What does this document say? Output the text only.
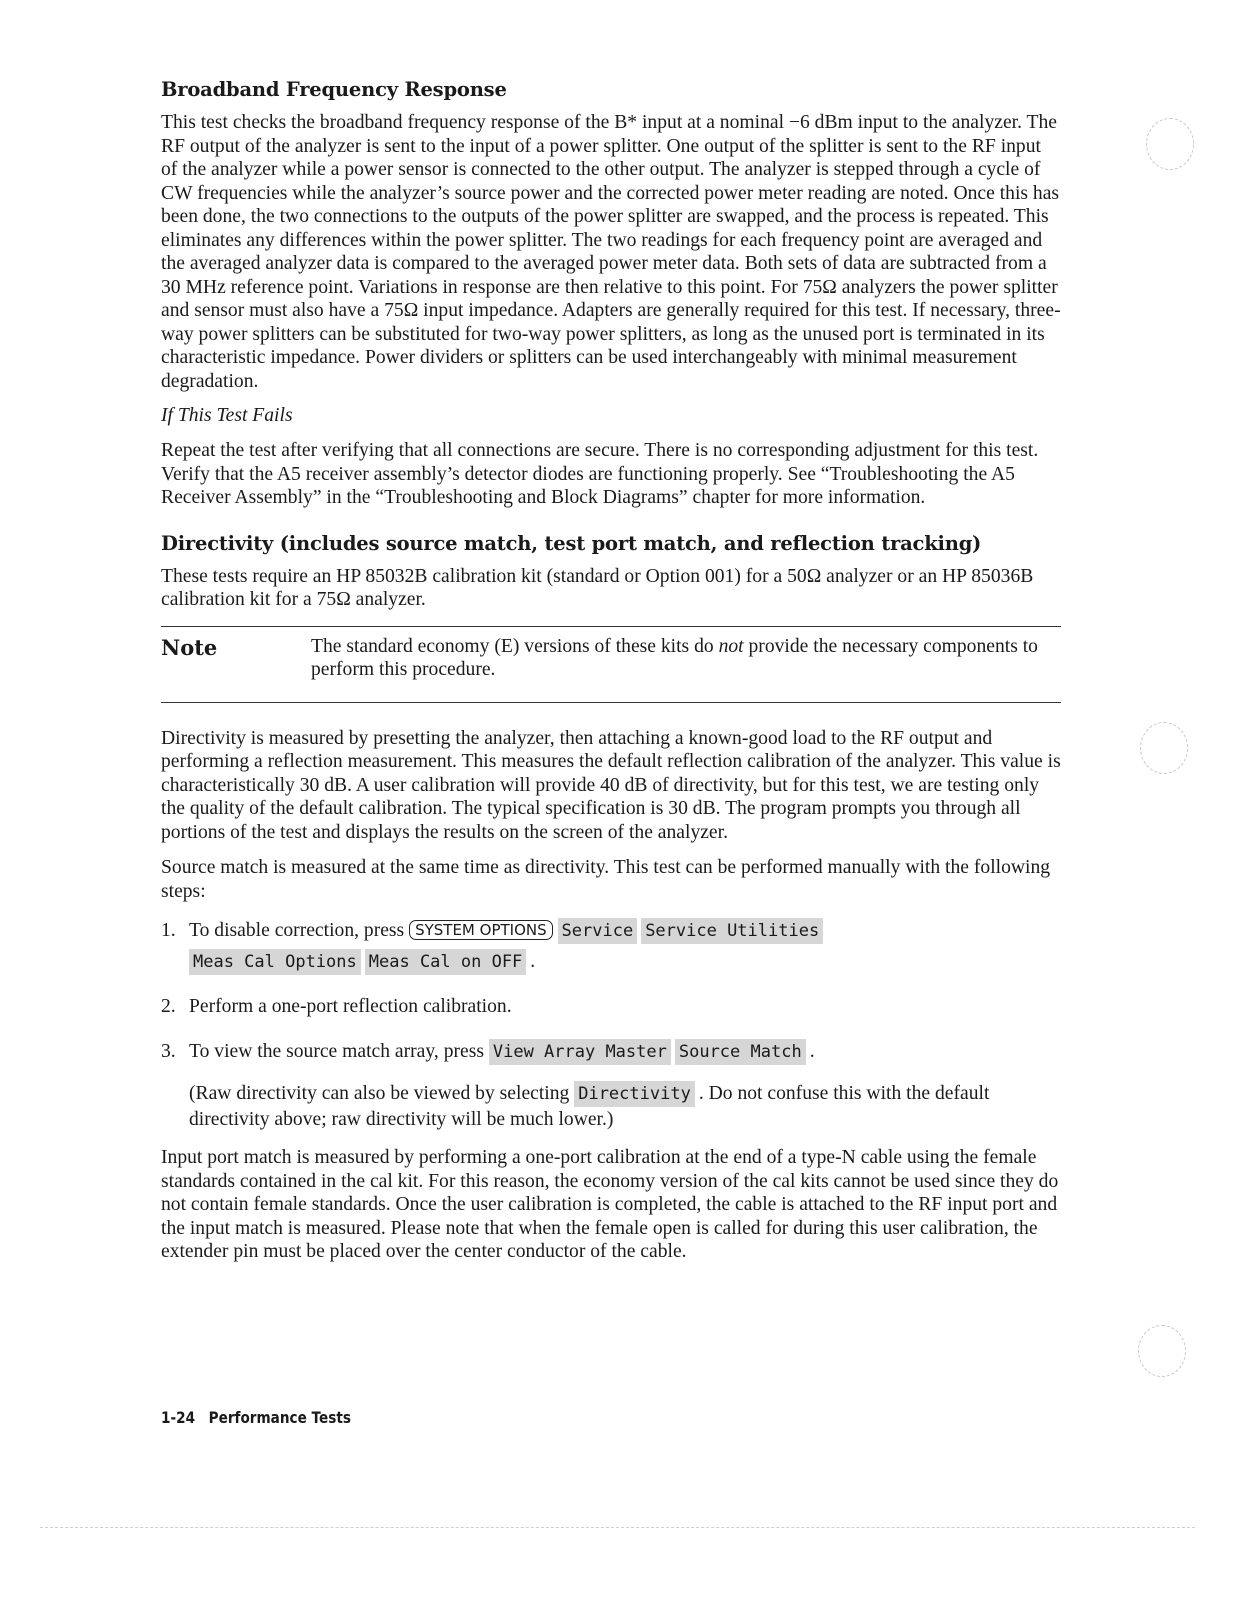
Broadband Frequency Response

This test checks the broadband frequency response of the B* input at a nominal −6 dBm input to the analyzer. The RF output of the analyzer is sent to the input of a power splitter. One output of the splitter is sent to the RF input of the analyzer while a power sensor is connected to the other output. The analyzer is stepped through a cycle of CW frequencies while the analyzer’s source power and the corrected power meter reading are noted. Once this has been done, the two connections to the outputs of the power splitter are swapped, and the process is repeated. This eliminates any differences within the power splitter. The two readings for each frequency point are averaged and the averaged analyzer data is compared to the averaged power meter data. Both sets of data are subtracted from a 30 MHz reference point. Variations in response are then relative to this point. For 75Ω analyzers the power splitter and sensor must also have a 75Ω input impedance. Adapters are generally required for this test. If necessary, three-way power splitters can be substituted for two-way power splitters, as long as the unused port is terminated in its characteristic impedance. Power dividers or splitters can be used interchangeably with minimal measurement degradation.

If This Test Fails

Repeat the test after verifying that all connections are secure. There is no corresponding adjustment for this test. Verify that the A5 receiver assembly’s detector diodes are functioning properly. See “Troubleshooting the A5 Receiver Assembly” in the “Troubleshooting and Block Diagrams” chapter for more information.

Directivity (includes source match, test port match, and reflection tracking)

These tests require an HP 85032B calibration kit (standard or Option 001) for a 50Ω analyzer or an HP 85036B calibration kit for a 75Ω analyzer.

Note	The standard economy (E) versions of these kits do not provide the necessary components to perform this procedure.

Directivity is measured by presetting the analyzer, then attaching a known-good load to the RF output and performing a reflection measurement. This measures the default reflection calibration of the analyzer. This value is characteristically 30 dB. A user calibration will provide 40 dB of directivity, but for this test, we are testing only the quality of the default calibration. The typical specification is 30 dB. The program prompts you through all portions of the test and displays the results on the screen of the analyzer.

Source match is measured at the same time as directivity. This test can be performed manually with the following steps:

1. To disable correction, press SYSTEM OPTIONS Service Service Utilities
Meas Cal Options Meas Cal on OFF .
2. Perform a one-port reflection calibration.
3. To view the source match array, press View Array Master Source Match .

(Raw directivity can also be viewed by selecting Directivity . Do not confuse this with the default directivity above; raw directivity will be much lower.)

Input port match is measured by performing a one-port calibration at the end of a type-N cable using the female standards contained in the cal kit. For this reason, the economy version of the cal kits cannot be used since they do not contain female standards. Once the user calibration is completed, the cable is attached to the RF input port and the input match is measured. Please note that when the female open is called for during this user calibration, the extender pin must be placed over the center conductor of the cable.

1-24 Performance Tests
